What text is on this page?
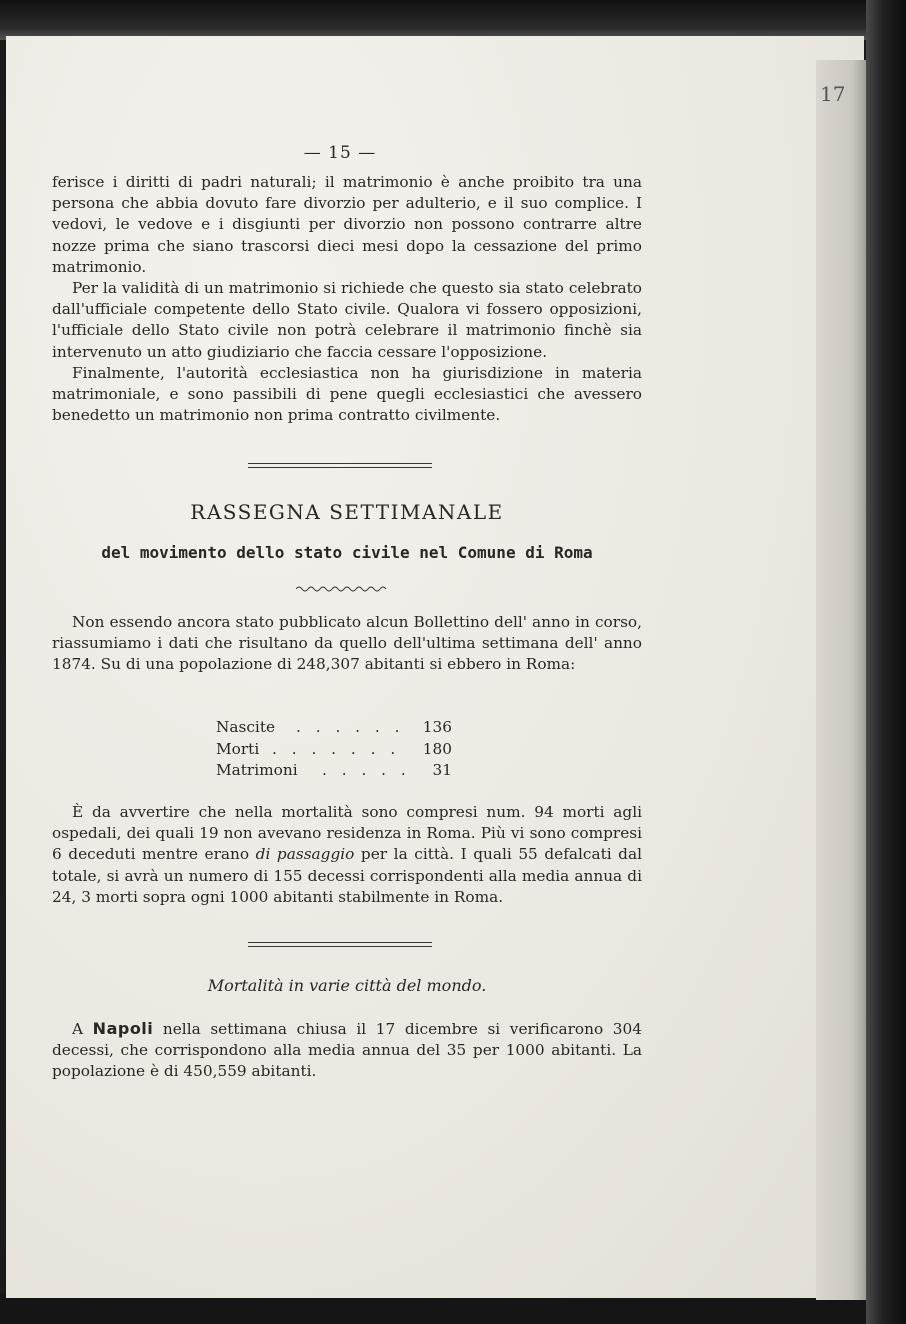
17
— 15 —

ferisce i diritti di padri naturali; il matrimonio è anche proibito tra una persona che abbia dovuto fare divorzio per adulterio, e il suo complice. I vedovi, le vedove e i disgiunti per divorzio non possono contrarre altre nozze prima che siano trascorsi dieci mesi dopo la cessazione del primo matrimonio.

Per la validità di un matrimonio si richiede che questo sia stato celebrato dall'ufficiale competente dello Stato civile. Qualora vi fossero opposizioni, l'ufficiale dello Stato civile non potrà celebrare il matrimonio finchè sia intervenuto un atto giudiziario che faccia cessare l'opposizione.

Finalmente, l'autorità ecclesiastica non ha giurisdizione in materia matrimoniale, e sono passibili di pene quegli ecclesiastici che avessero benedetto un matrimonio non prima contratto civilmente.

RASSEGNA SETTIMANALE
del movimento dello stato civile nel Comune di Roma

Non essendo ancora stato pubblicato alcun Bollettino dell' anno in corso, riassumiamo i dati che risultano da quello dell'ultima settimana dell' anno 1874. Su di una popolazione di 248,307 abitanti si ebbero in Roma:

Nascite . . . . . . 136
Morti . . . . . . . 180
Matrimoni . . . . . 31

È da avvertire che nella mortalità sono compresi num. 94 morti agli ospedali, dei quali 19 non avevano residenza in Roma. Più vi sono compresi 6 deceduti mentre erano di passaggio per la città. I quali 55 defalcati dal totale, si avrà un numero di 155 decessi corrispondenti alla media annua di 24, 3 morti sopra ogni 1000 abitanti stabilmente in Roma.

Mortalità in varie città del mondo.

A Napoli nella settimana chiusa il 17 dicembre si verificarono 304 decessi, che corrispondono alla media annua del 35 per 1000 abitanti. La popolazione è di 450,559 abitanti.
